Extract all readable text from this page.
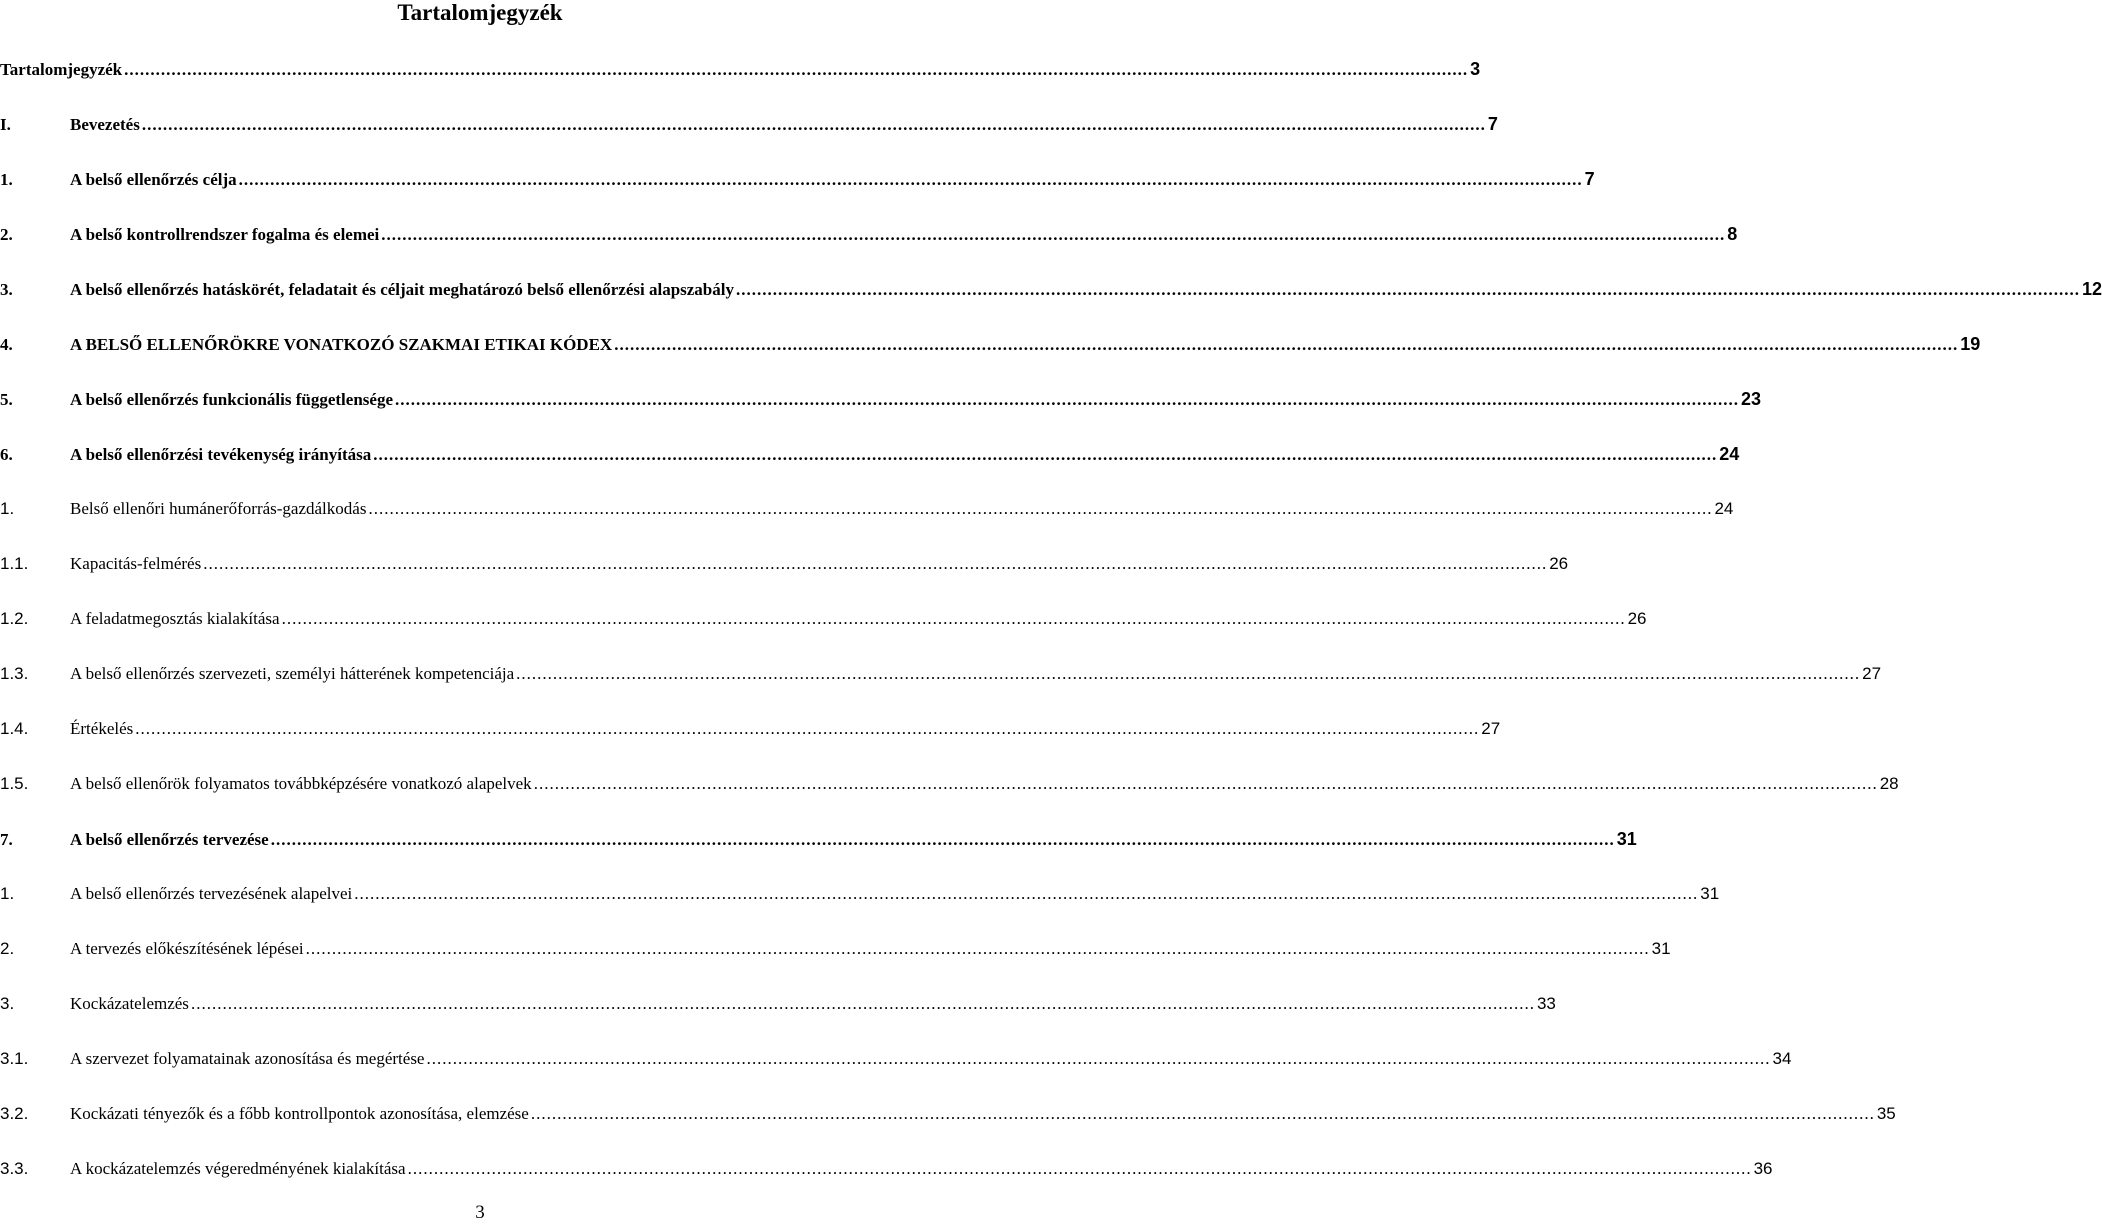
Tartalomjegyzék
Tartalomjegyzék .....	3
I.	Bevezetés .....	7
1.	A belső ellenőrzés célja .....	7
2.	A belső kontrollrendszer fogalma és elemei .....	8
3.	A belső ellenőrzés hatáskörét, feladatait és céljait meghatározó belső ellenőrzési alapszabály .....	12
4.	A BELSŐ ELLENŐRÖKRE VONATKOZÓ SZAKMAI ETIKAI KÓDEX .....	19
5.	A belső ellenőrzés funkcionális függetlensége .....	23
6.	A belső ellenőrzési tevékenység irányítása .....	24
1.	Belső ellenőri humánerőforrás-gazdálkodás .....	24
1.1.	Kapacitás-felmérés .....	26
1.2.	A feladatmegosztás kialakítása .....	26
1.3.	A belső ellenőrzés szervezeti, személyi hátterének kompetenciája .....	27
1.4.	Értékelés .....	27
1.5.	A belső ellenőrök folyamatos továbbképzésére vonatkozó alapelvek .....	28
7.	A belső ellenőrzés tervezése .....	31
1.	A belső ellenőrzés tervezésének alapelvei .....	31
2.	A tervezés előkészítésének lépései .....	31
3.	Kockázatelemzés .....	33
3.1.	A szervezet folyamatainak azonosítása és megértése .....	34
3.2.	Kockázati tényezők és a főbb kontrollpontok azonosítása, elemzése .....	35
3.3.	A kockázatelemzés végeredményének kialakítása .....	36
3
